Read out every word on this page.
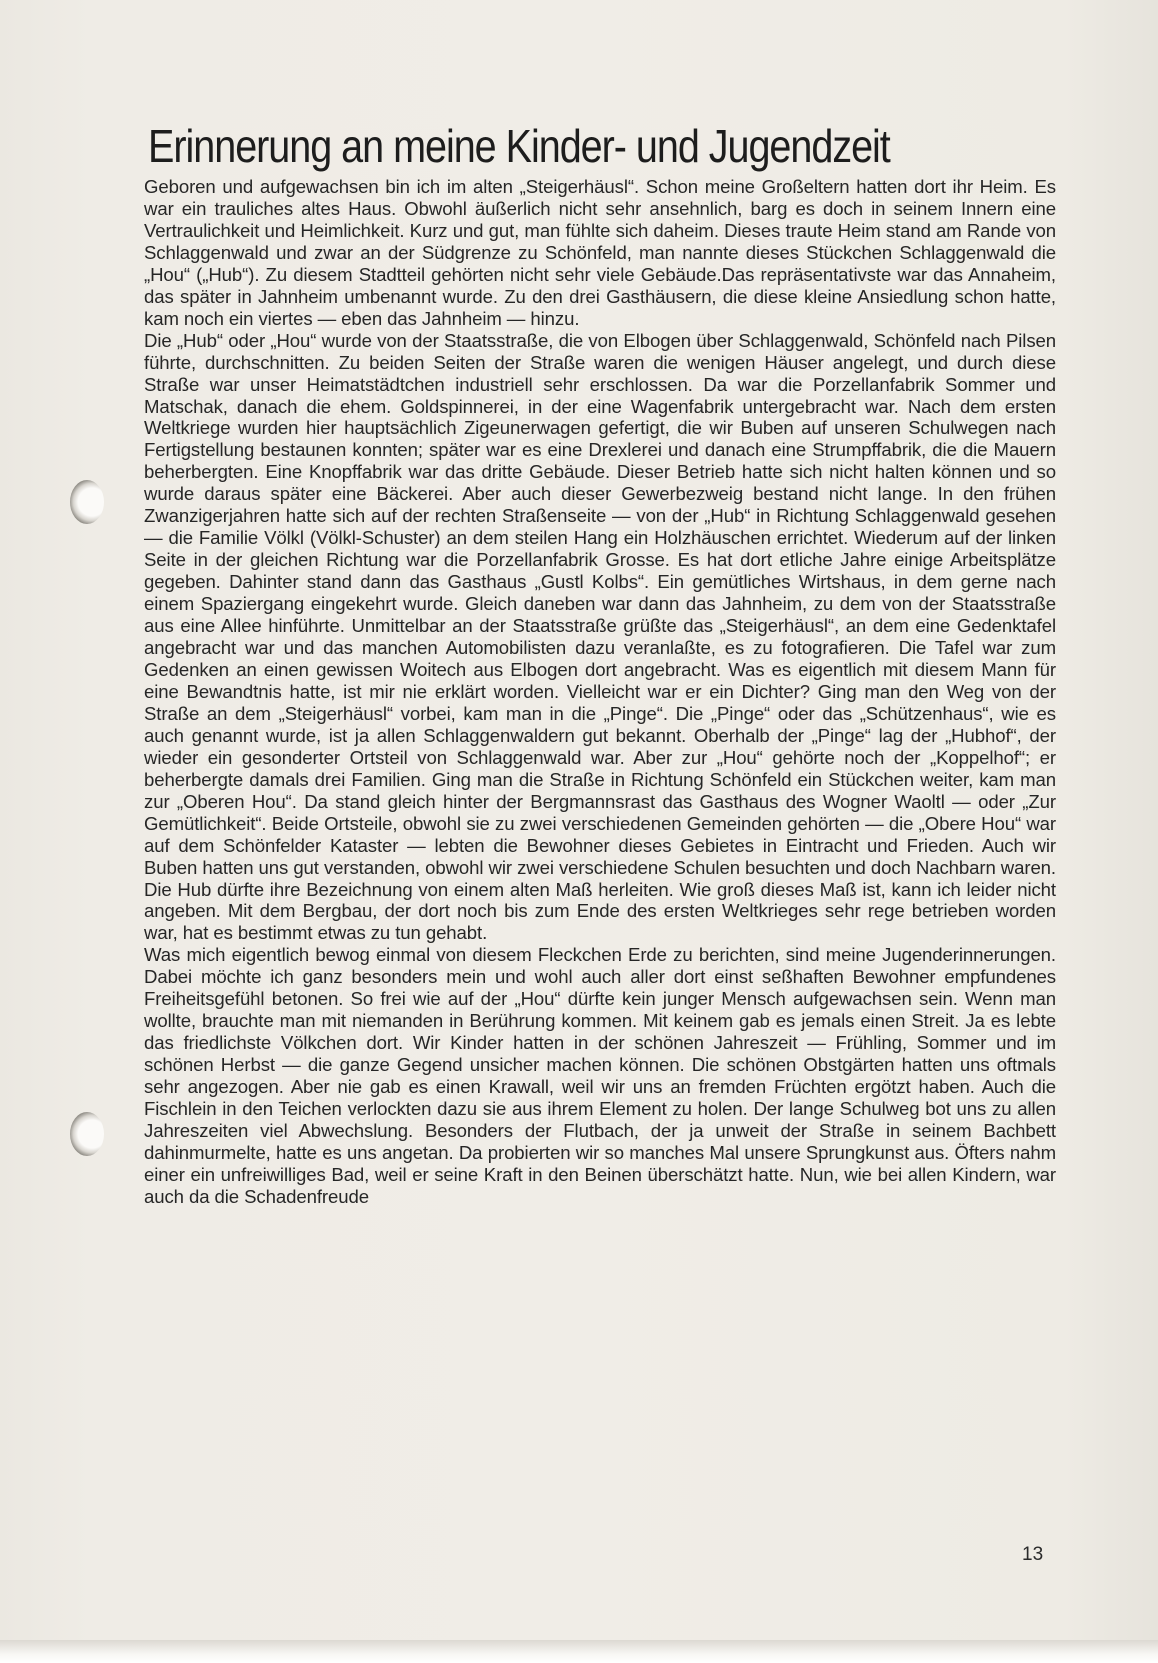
Erinnerung an meine Kinder- und Jugendzeit

Geboren und aufgewachsen bin ich im alten „Steigerhäusl“. Schon meine Großeltern hatten dort ihr Heim. Es war ein trauliches altes Haus. Obwohl äußerlich nicht sehr ansehnlich, barg es doch in seinem Innern eine Vertraulichkeit und Heimlichkeit. Kurz und gut, man fühlte sich daheim. Dieses traute Heim stand am Rande von Schlaggenwald und zwar an der Südgrenze zu Schönfeld, man nannte dieses Stückchen Schlaggenwald die „Hou“ („Hub“). Zu diesem Stadtteil gehörten nicht sehr viele Gebäude.Das repräsentativste war das Annaheim, das später in Jahnheim umbenannt wurde. Zu den drei Gasthäusern, die diese kleine Ansiedlung schon hatte, kam noch ein viertes — eben das Jahnheim — hinzu.

Die „Hub“ oder „Hou“ wurde von der Staatsstraße, die von Elbogen über Schlaggenwald, Schönfeld nach Pilsen führte, durchschnitten. Zu beiden Seiten der Straße waren die wenigen Häuser angelegt, und durch diese Straße war unser Heimatstädtchen industriell sehr erschlossen. Da war die Porzellanfabrik Sommer und Matschak, danach die ehem. Goldspinnerei, in der eine Wagenfabrik untergebracht war. Nach dem ersten Weltkriege wurden hier hauptsächlich Zigeunerwagen gefertigt, die wir Buben auf unseren Schulwegen nach Fertigstellung bestaunen konnten; später war es eine Drexlerei und danach eine Strumpffabrik, die die Mauern beherbergten. Eine Knopffabrik war das dritte Gebäude. Dieser Betrieb hatte sich nicht halten können und so wurde daraus später eine Bäckerei. Aber auch dieser Gewerbezweig bestand nicht lange. In den frühen Zwanzigerjahren hatte sich auf der rechten Straßenseite — von der „Hub“ in Richtung Schlaggenwald gesehen — die Familie Völkl (Völkl-Schuster) an dem steilen Hang ein Holzhäuschen errichtet. Wiederum auf der linken Seite in der gleichen Richtung war die Porzellanfabrik Grosse. Es hat dort etliche Jahre einige Arbeitsplätze gegeben. Dahinter stand dann das Gasthaus „Gustl Kolbs“. Ein gemütliches Wirtshaus, in dem gerne nach einem Spaziergang eingekehrt wurde. Gleich daneben war dann das Jahnheim, zu dem von der Staatsstraße aus eine Allee hinführte. Unmittelbar an der Staatsstraße grüßte das „Steigerhäusl“, an dem eine Gedenktafel angebracht war und das manchen Automobilisten dazu veranlaßte, es zu fotografieren. Die Tafel war zum Gedenken an einen gewissen Woitech aus Elbogen dort angebracht. Was es eigentlich mit diesem Mann für eine Bewandtnis hatte, ist mir nie erklärt worden. Vielleicht war er ein Dichter? Ging man den Weg von der Straße an dem „Steigerhäusl“ vorbei, kam man in die „Pinge“. Die „Pinge“ oder das „Schützenhaus“, wie es auch genannt wurde, ist ja allen Schlaggenwaldern gut bekannt. Oberhalb der „Pinge“ lag der „Hubhof“, der wieder ein gesonderter Ortsteil von Schlaggenwald war. Aber zur „Hou“ gehörte noch der „Koppelhof“; er beherbergte damals drei Familien. Ging man die Straße in Richtung Schönfeld ein Stückchen weiter, kam man zur „Oberen Hou“. Da stand gleich hinter der Bergmannsrast das Gasthaus des Wogner Waoltl — oder „Zur Gemütlichkeit“. Beide Ortsteile, obwohl sie zu zwei verschiedenen Gemeinden gehörten — die „Obere Hou“ war auf dem Schönfelder Kataster — lebten die Bewohner dieses Gebietes in Eintracht und Frieden. Auch wir Buben hatten uns gut verstanden, obwohl wir zwei verschiedene Schulen besuchten und doch Nachbarn waren. Die Hub dürfte ihre Bezeichnung von einem alten Maß herleiten. Wie groß dieses Maß ist, kann ich leider nicht angeben. Mit dem Bergbau, der dort noch bis zum Ende des ersten Weltkrieges sehr rege betrieben worden war, hat es bestimmt etwas zu tun gehabt.

Was mich eigentlich bewog einmal von diesem Fleckchen Erde zu berichten, sind meine Jugenderinnerungen. Dabei möchte ich ganz besonders mein und wohl auch aller dort einst seßhaften Bewohner empfundenes Freiheitsgefühl betonen. So frei wie auf der „Hou“ dürfte kein junger Mensch aufgewachsen sein. Wenn man wollte, brauchte man mit niemanden in Berührung kommen. Mit keinem gab es jemals einen Streit. Ja es lebte das friedlichste Völkchen dort. Wir Kinder hatten in der schönen Jahreszeit — Frühling, Sommer und im schönen Herbst — die ganze Gegend unsicher machen können. Die schönen Obstgärten hatten uns oftmals sehr angezogen. Aber nie gab es einen Krawall, weil wir uns an fremden Früchten ergötzt haben. Auch die Fischlein in den Teichen verlockten dazu sie aus ihrem Element zu holen. Der lange Schulweg bot uns zu allen Jahreszeiten viel Abwechslung. Besonders der Flutbach, der ja unweit der Straße in seinem Bachbett dahinmurmelte, hatte es uns angetan. Da probierten wir so manches Mal unsere Sprungkunst aus. Öfters nahm einer ein unfreiwilliges Bad, weil er seine Kraft in den Beinen überschätzt hatte. Nun, wie bei allen Kindern, war auch da die Schadenfreude

13
